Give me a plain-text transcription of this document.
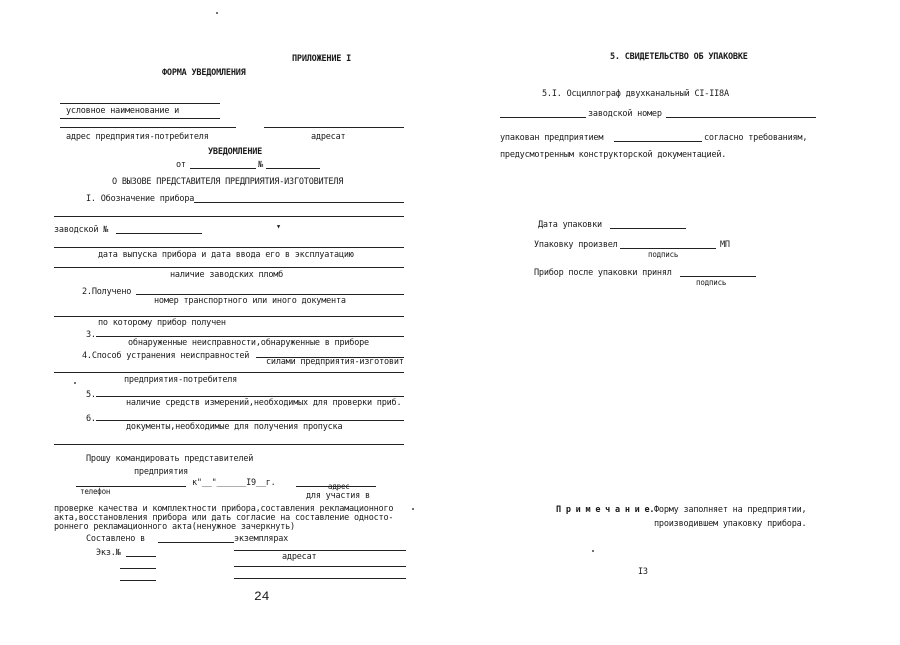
ПРИЛОЖЕНИЕ I
ФОРМА УВЕДОМЛЕНИЯ
условное наименование и
адрес предприятия-потребителя	адресат
УВЕДОМЛЕНИЕ
от	№
О ВЫЗОВЕ ПРЕДСТАВИТЕЛЯ ПРЕДПРИЯТИЯ-ИЗГОТОВИТЕЛЯ
I. Обозначение прибора
заводской №	▾
дата выпуска прибора и дата ввода его в эксплуатацию
наличие заводских пломб
2.Получено
номер транспортного или иного документа
по которому прибор получен
3.
обнаруженные неисправности,обнаруженные в приборе
4.Способ устранения неисправностей
силами предприятия-изготовит
предприятия-потребителя
5.
наличие средств измерений,необходимых для проверки приб.
6.
документы,необходимые для получения пропуска
Прошу командировать представителей
предприятия
к"__"______I9__г.	адрес
телефон	для участия в
проверке качества и комплектности прибора,составления рекламационного
акта,восстановления прибора или дать согласие на составление односто-
роннего рекламационного акта(ненужное зачеркнуть)
Составлено в	экземплярах
Экз.№	адресат
24
5. СВИДЕТЕЛЬСТВО ОБ УПАКОВКЕ
5.I. Осциллограф двухканальный CI-II8A
заводской номер
упакован предприятием	согласно требованиям,
предусмотренным конструкторской документацией.
Дата упаковки
Упаковку произвел	МП
подпись
Прибор после упаковки принял
подпись
П р и м е ч а н и е. Форму заполняет на предприятии,
производившем упаковку прибора.
I3
